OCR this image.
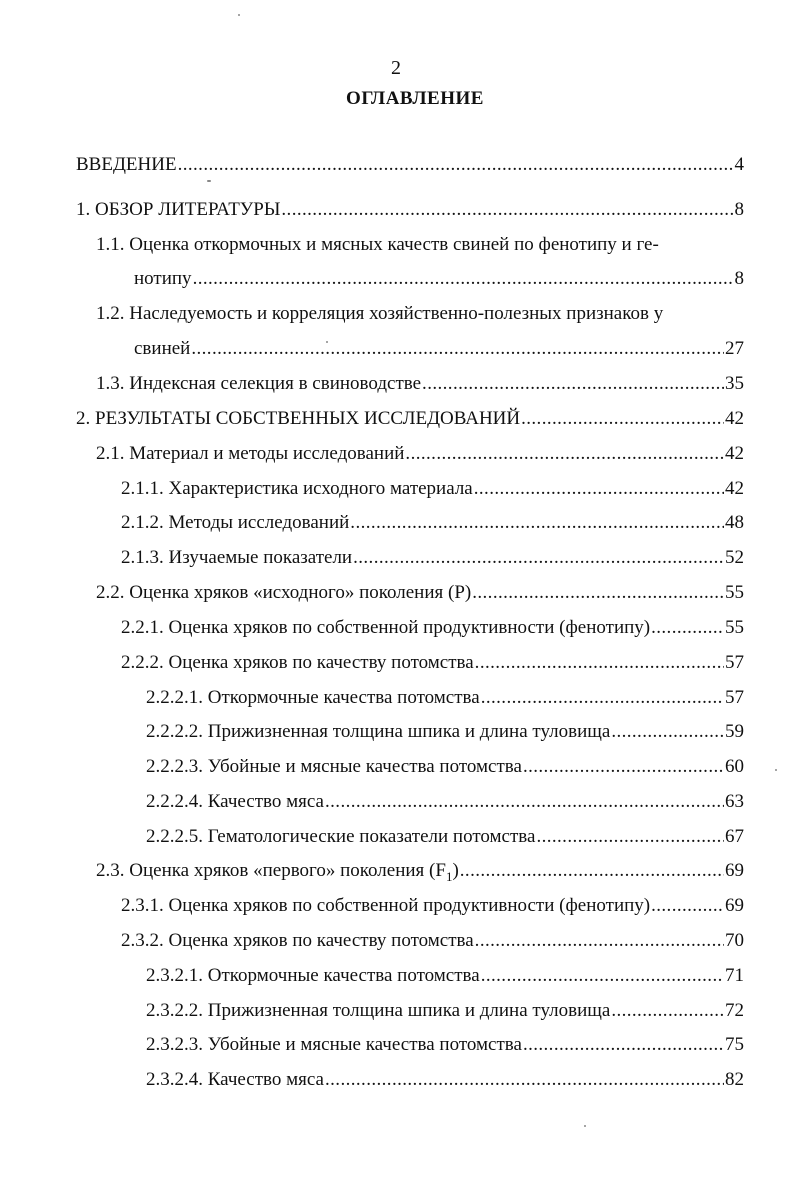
2
ОГЛАВЛЕНИЕ
ВВЕДЕНИЕ .....	4
1. ОБЗОР ЛИТЕРАТУРЫ .....	8
1.1. Оценка откормочных и мясных качеств свиней по фенотипу и ге-
нотипу .....	8
1.2. Наследуемость и корреляция хозяйственно-полезных признаков у
свиней .....	27
1.3. Индексная селекция в свиноводстве .....	35
2. РЕЗУЛЬТАТЫ СОБСТВЕННЫХ ИССЛЕДОВАНИЙ .....	42
2.1. Материал и методы исследований .....	42
2.1.1. Характеристика исходного материала .....	42
2.1.2. Методы исследований .....	48
2.1.3. Изучаемые показатели .....	52
2.2. Оценка хряков «исходного» поколения (Р) .....	55
2.2.1. Оценка хряков по собственной продуктивности (фенотипу) .....	55
2.2.2. Оценка хряков по качеству потомства .....	57
2.2.2.1. Откормочные качества потомства .....	57
2.2.2.2. Прижизненная толщина шпика и длина туловища .....	59
2.2.2.3. Убойные и мясные качества потомства .....	60
2.2.2.4. Качество мяса .....	63
2.2.2.5. Гематологические показатели потомства .....	67
2.3. Оценка хряков «первого» поколения $(F_1)$ .....	69
2.3.1. Оценка хряков по собственной продуктивности (фенотипу) .....	69
2.3.2. Оценка хряков по качеству потомства .....	70
2.3.2.1. Откормочные качества потомства .....	71
2.3.2.2. Прижизненная толщина шпика и длина туловища .....	72
2.3.2.3. Убойные и мясные качества потомства .....	75
2.3.2.4. Качество мяса .....	82
